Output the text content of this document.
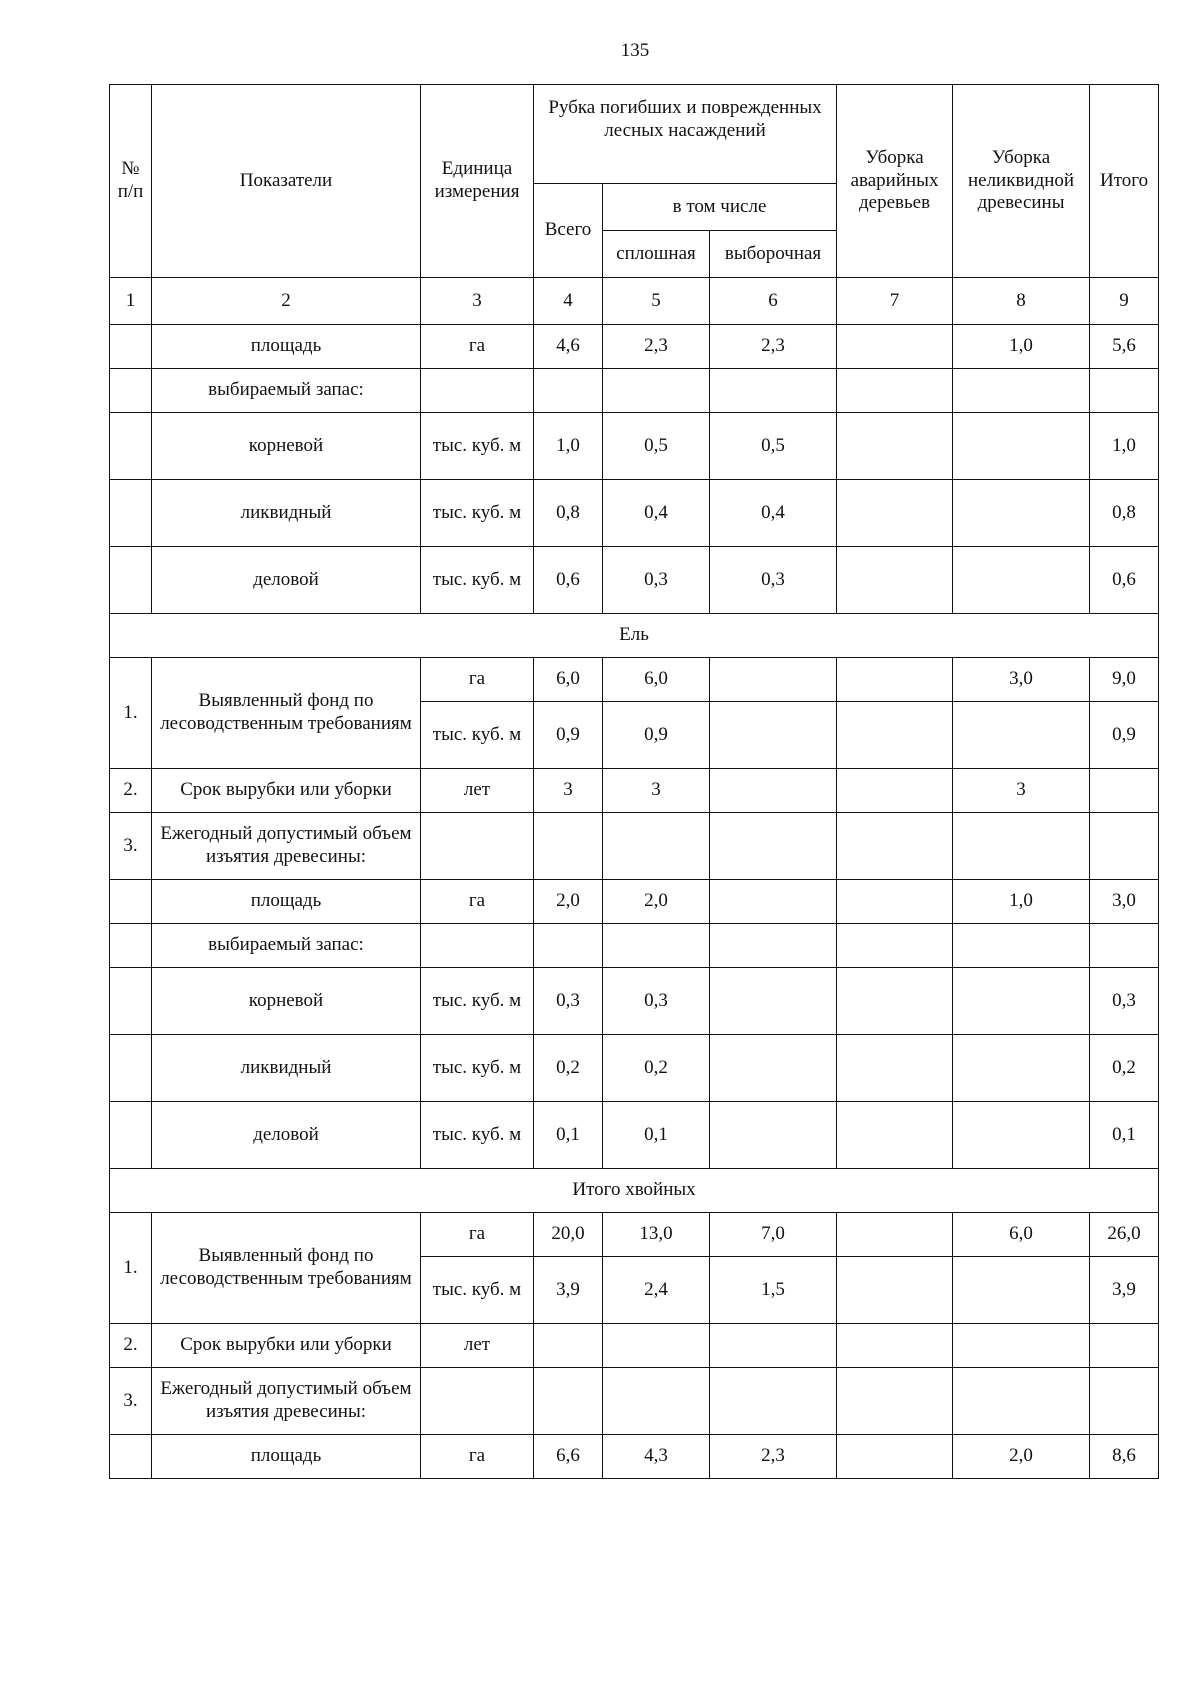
135
№ п/п	Показатели	Единица измерения	Рубка погибших и поврежденных лесных насаждений			Уборка аварийных деревьев	Уборка неликвидной древесины	Итого
			Всего	в том числе				
				сплошная	выборочная			
1	2	3	4	5	6	7	8	9
	площадь	га	4,6	2,3	2,3		1,0	5,6
	выбираемый запас:							
	корневой	тыс. куб. м	1,0	0,5	0,5			1,0
	ликвидный	тыс. куб. м	0,8	0,4	0,4			0,8
	деловой	тыс. куб. м	0,6	0,3	0,3			0,6
Ель								
1.	Выявленный фонд по лесоводственным требованиям	га	6,0	6,0			3,0	9,0
		тыс. куб. м	0,9	0,9				0,9
2.	Срок вырубки или уборки	лет	3	3			3	
3.	Ежегодный допустимый объем изъятия древесины:							
	площадь	га	2,0	2,0			1,0	3,0
	выбираемый запас:							
	корневой	тыс. куб. м	0,3	0,3				0,3
	ликвидный	тыс. куб. м	0,2	0,2				0,2
	деловой	тыс. куб. м	0,1	0,1				0,1
Итого хвойных								
1.	Выявленный фонд по лесоводственным требованиям	га	20,0	13,0	7,0		6,0	26,0
		тыс. куб. м	3,9	2,4	1,5			3,9
2.	Срок вырубки или уборки	лет						
3.	Ежегодный допустимый объем изъятия древесины:							
	площадь	га	6,6	4,3	2,3		2,0	8,6
